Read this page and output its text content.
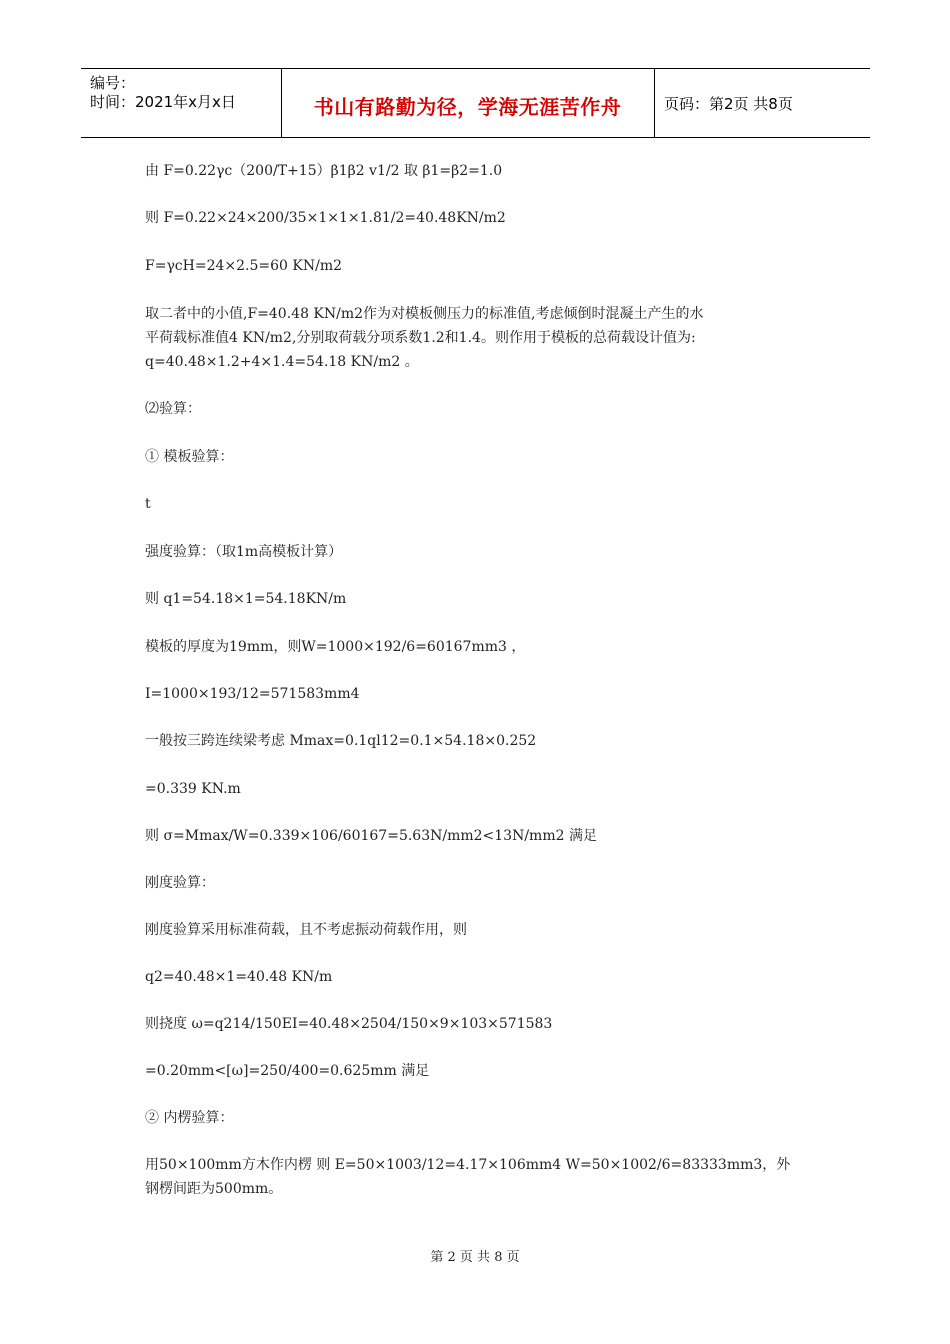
编号：
时间：2021年x月x日	书山有路勤为径，学海无涯苦作舟	页码：第2页 共8页
由 F=0.22γc（200/T+15）β1β2 v1/2 取 β1=β2=1.0
则 F=0.22×24×200/35×1×1×1.81/2=40.48KN/m2
F=γcH=24×2.5=60 KN/m2
取二者中的小值,F=40.48 KN/m2作为对模板侧压力的标准值,考虑倾倒时混凝土产生的水
平荷载标准值4 KN/m2,分别取荷载分项系数1.2和1.4。则作用于模板的总荷载设计值为:
q=40.48×1.2+4×1.4=54.18 KN/m2 。
⑵验算：
① 模板验算：
t
强度验算：（取1m高模板计算）
则 q1=54.18×1=54.18KN/m
模板的厚度为19mm，则W=1000×192/6=60167mm3 ，
I=1000×193/12=571583mm4
一般按三跨连续梁考虑 Mmax=0.1ql12=0.1×54.18×0.252
=0.339 KN.m
则 σ=Mmax/W=0.339×106/60167=5.63N/mm2<13N/mm2 满足
刚度验算：
刚度验算采用标准荷载，且不考虑振动荷载作用，则
q2=40.48×1=40.48 KN/m
则挠度 ω=q214/150EI=40.48×2504/150×9×103×571583
=0.20mm<[ω]=250/400=0.625mm 满足
② 内楞验算：
用50×100mm方木作内楞 则 E=50×1003/12=4.17×106mm4 W=50×1002/6=83333mm3，外
钢楞间距为500mm。
第 2 页 共 8 页
